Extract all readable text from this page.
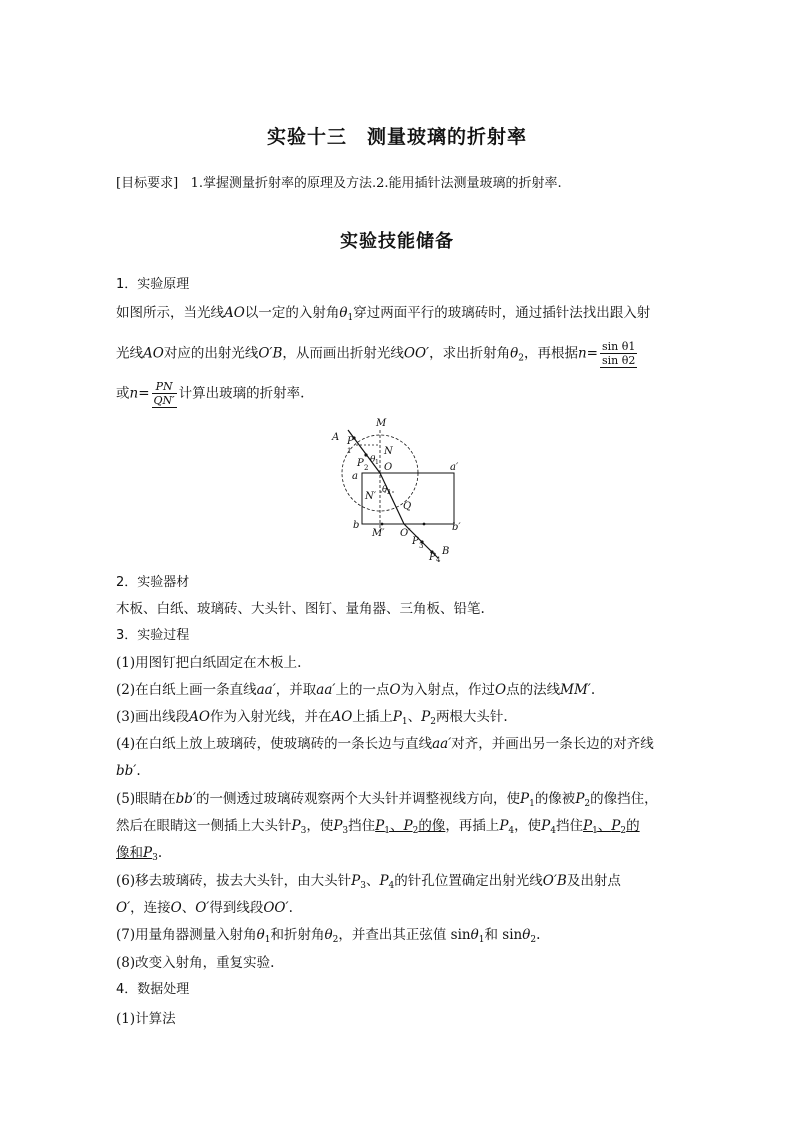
实验十三　测量玻璃的折射率
[目标要求] 1.掌握测量折射率的原理及方法.2.能用插针法测量玻璃的折射率.
实验技能储备
1．实验原理
如图所示，当光线AO以一定的入射角$\theta_1$穿过两面平行的玻璃砖时，通过插针法找出跟入射
光线AO对应的出射光线O′B，从而画出折射光线OO′，求出折射角$\theta_2$，再根据$n= \frac{\text{sin θ1}}{\text{sin θ2}}$
或$n= \frac{PN}{QN'}$ 计算出玻璃的折射率.
A P
1
P 2
M
N
O
a
a′
θ 1
θ 2
N′
Q
b	b′
M′ O′
P 3 B
P 4
2．实验器材
木板、白纸、玻璃砖、大头针、图钉、量角器、三角板、铅笔.
3．实验过程
(1)用图钉把白纸固定在木板上.
(2)在白纸上画一条直线aa′，并取aa′上的一点O为入射点，作过O点的法线MM′.
(3)画出线段AO作为入射光线，并在AO上插上$P_1$、$P_2$两根大头针.
(4)在白纸上放上玻璃砖，使玻璃砖的一条长边与直线aa′对齐，并画出另一条长边的对齐线
bb′.
(5)眼睛在bb′的一侧透过玻璃砖观察两个大头针并调整视线方向，使$P_1$的像被$P_2$的像挡住，
然后在眼睛这一侧插上大头针$P_3$，使$P_3$挡住$P_1$、$P_2$的像，再插上$P_4$，使$P_4$挡住$P_1$、$P_2$的
像和$P_3$.
(6)移去玻璃砖，拔去大头针，由大头针$P_3$、$P_4$的针孔位置确定出射光线O′B及出射点
O′，连接O、O′得到线段OO′.
(7)用量角器测量入射角$\theta_1$和折射角$\theta_2$，并查出其正弦值 sinθ$_1$和 sinθ$_2$.
(8)改变入射角，重复实验.
4．数据处理
(1)计算法
